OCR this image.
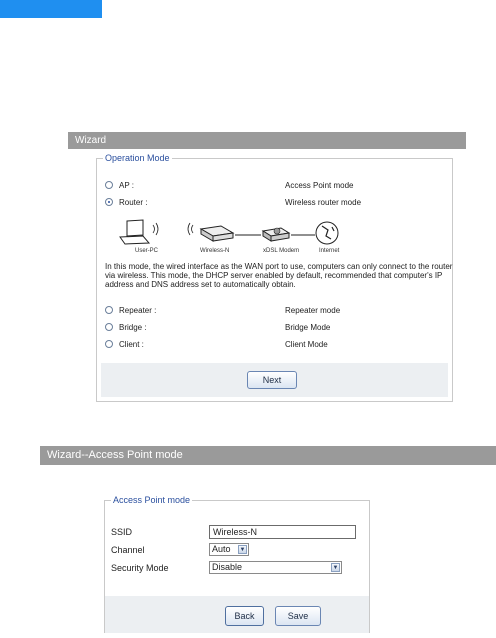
Wizard
Operation Mode
AP :	Access Point mode
Router :	Wireless router mode
User-PC	Wireless-N	xDSL Modem	Internet
In this mode, the wired interface as the WAN port to use, computers can only connect to the router via wireless. This mode, the DHCP server enabled by default, recommended that computer's IP address and DNS address set to automatically obtain.
Repeater :	Repeater mode
Bridge :	Bridge Mode
Client :	Client Mode
Next
Wizard--Access Point mode
Access Point mode
SSID	Wireless-N
Channel	Auto ▼
Security Mode	Disable	▼
Back	Save
